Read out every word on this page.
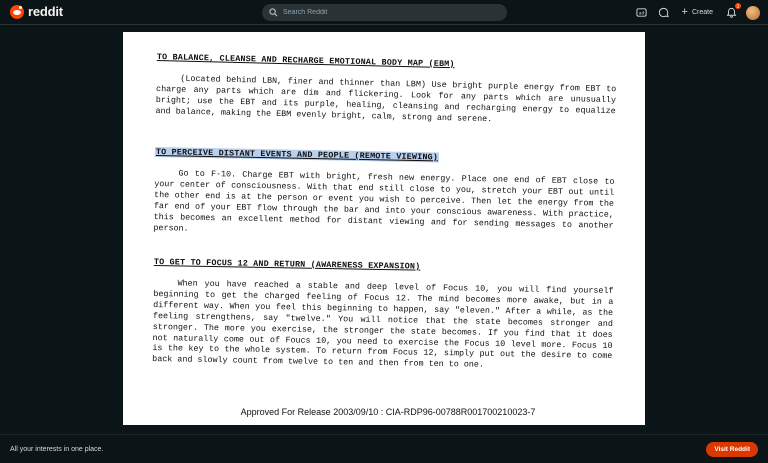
reddit
Search Reddit	ad	+ Create
2

TO BALANCE, CLEANSE AND RECHARGE EMOTIONAL BODY MAP (EBM)

(Located behind LBN, finer and thinner than LBM) Use bright purple energy from EBT to charge any parts which are dim and flickering. Look for any parts which are unusually bright; use the EBT and its purple, healing, cleansing and recharging energy to equalize and balance, making the EBM evenly bright, calm, strong and serene.

TO PERCEIVE DISTANT EVENTS AND PEOPLE (REMOTE VIEWING)

Go to F-10. Charge EBT with bright, fresh new energy. Place one end of EBT close to your center of consciousness. With that end still close to you, stretch your EBT out until the other end is at the person or event you wish to perceive. Then let the energy from the far end of your EBT flow through the bar and into your conscious awareness. With practice, this becomes an excellent method for distant viewing and for sending messages to another person.

TO GET TO FOCUS 12 AND RETURN (AWARENESS EXPANSION)

When you have reached a stable and deep level of Focus 10, you will find yourself beginning to get the charged feeling of Focus 12. The mind becomes more awake, but in a different way. When you feel this beginning to happen, say "eleven." After a while, as the feeling strengthens, say "twelve." You will notice that the state becomes stronger and stronger. The more you exercise, the stronger the state becomes. If you find that it does not naturally come out of Foucs 10, you need to exercise the Focus 10 level more. Focus 10 is the key to the whole system. To return from Focus 12, simply put out the desire to come back and slowly count from twelve to ten and then from ten to one.

Approved For Release 2003/09/10 : CIA-RDP96-00788R001700210023-7

All your interests in one place.	Visit Reddit
